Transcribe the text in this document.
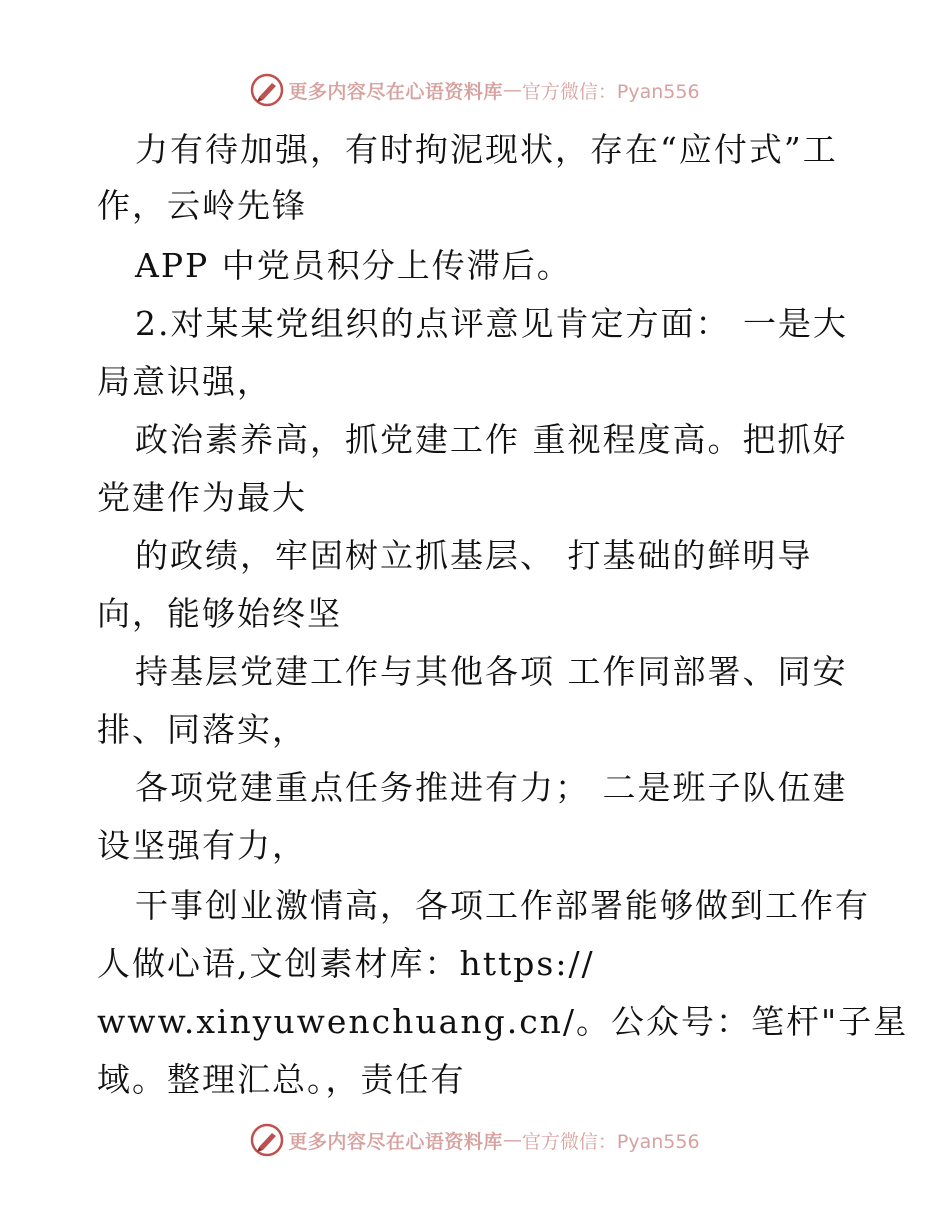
更多内容尽在心语资料库 — 官方微信：Pyan556
力有待加强，有时拘泥现状，存在“应付式”工
作，云岭先锋
APP 中党员积分上传滞后。
2.对某某党组织的点评意见肯定方面： 一是大
局意识强，
政治素养高，抓党建工作 重视程度高。把抓好
党建作为最大
的政绩，牢固树立抓基层、 打基础的鲜明导
向，能够始终坚
持基层党建工作与其他各项 工作同部署、同安
排、同落实，
各项党建重点任务推进有力； 二是班子队伍建
设坚强有力，
干事创业激情高，各项工作部署能够做到工作有
人做心语,文创素材库：https://
www.xinyuwenchuang.cn/。公众号：笔杆"子星
域。整理汇总。，责任有
更多内容尽在心语资料库 — 官方微信：Pyan556
